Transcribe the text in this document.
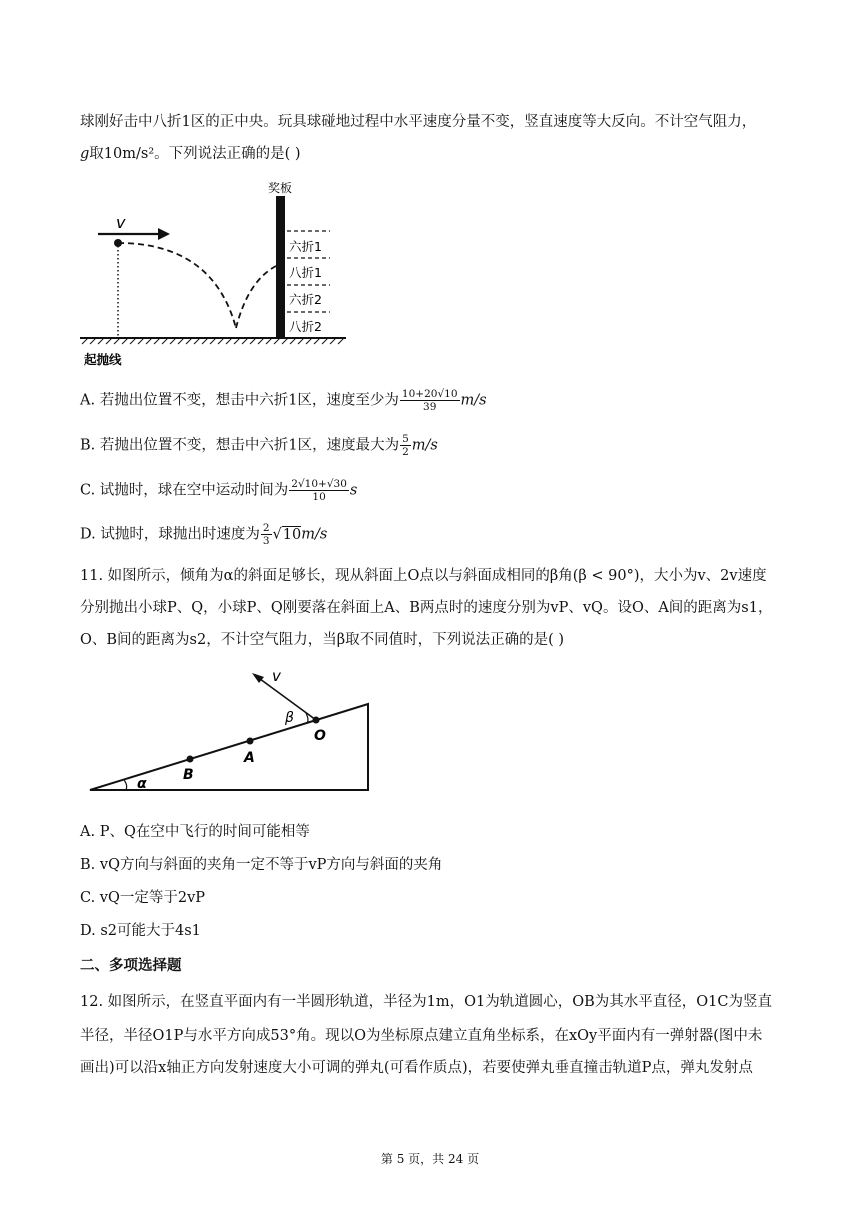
球刚好击中八折1区的正中央。玩具球碰地过程中水平速度分量不变，竖直速度等大反向。不计空气阻力，
g取10m/s²。下列说法正确的是( )
奖板
v
六折1
八折1
六折2
八折2
起抛线
A. 若抛出位置不变，想击中六折1区，速度至少为 $\frac{10+20√10}{39} m/s$
B. 若抛出位置不变，想击中六折1区，速度最大为 $\frac{5}{2} m/s$
C. 试抛时，球在空中运动时间为 $\frac{2√10+√30}{10}$ s
D. 试抛时，球抛出时速度为 $\frac{2}{3} √10m/s$
11. 如图所示，倾角为α的斜面足够长，现从斜面上O点以与斜面成相同的β角(β < 90°)，大小为v、2v速度
分别抛出小球P、Q，小球P、Q刚要落在斜面上A、B两点时的速度分别为vP、vQ。设O、A间的距离为s1，
O、B间的距离为s2，不计空气阻力，当β取不同值时，下列说法正确的是( )
v
β
O
A
B
α
A. P、Q在空中飞行的时间可能相等
B. vQ方向与斜面的夹角一定不等于vP方向与斜面的夹角
C. vQ一定等于2vP
D. s2可能大于4s1
二、多项选择题
12. 如图所示，在竖直平面内有一半圆形轨道，半径为1m，O1为轨道圆心，OB为其水平直径，O1C为竖直
半径，半径O1P与水平方向成53°角。现以O为坐标原点建立直角坐标系，在xOy平面内有一弹射器(图中未
画出)可以沿x轴正方向发射速度大小可调的弹丸(可看作质点)，若要使弹丸垂直撞击轨道P点，弹丸发射点
第 5 页，共 24 页
